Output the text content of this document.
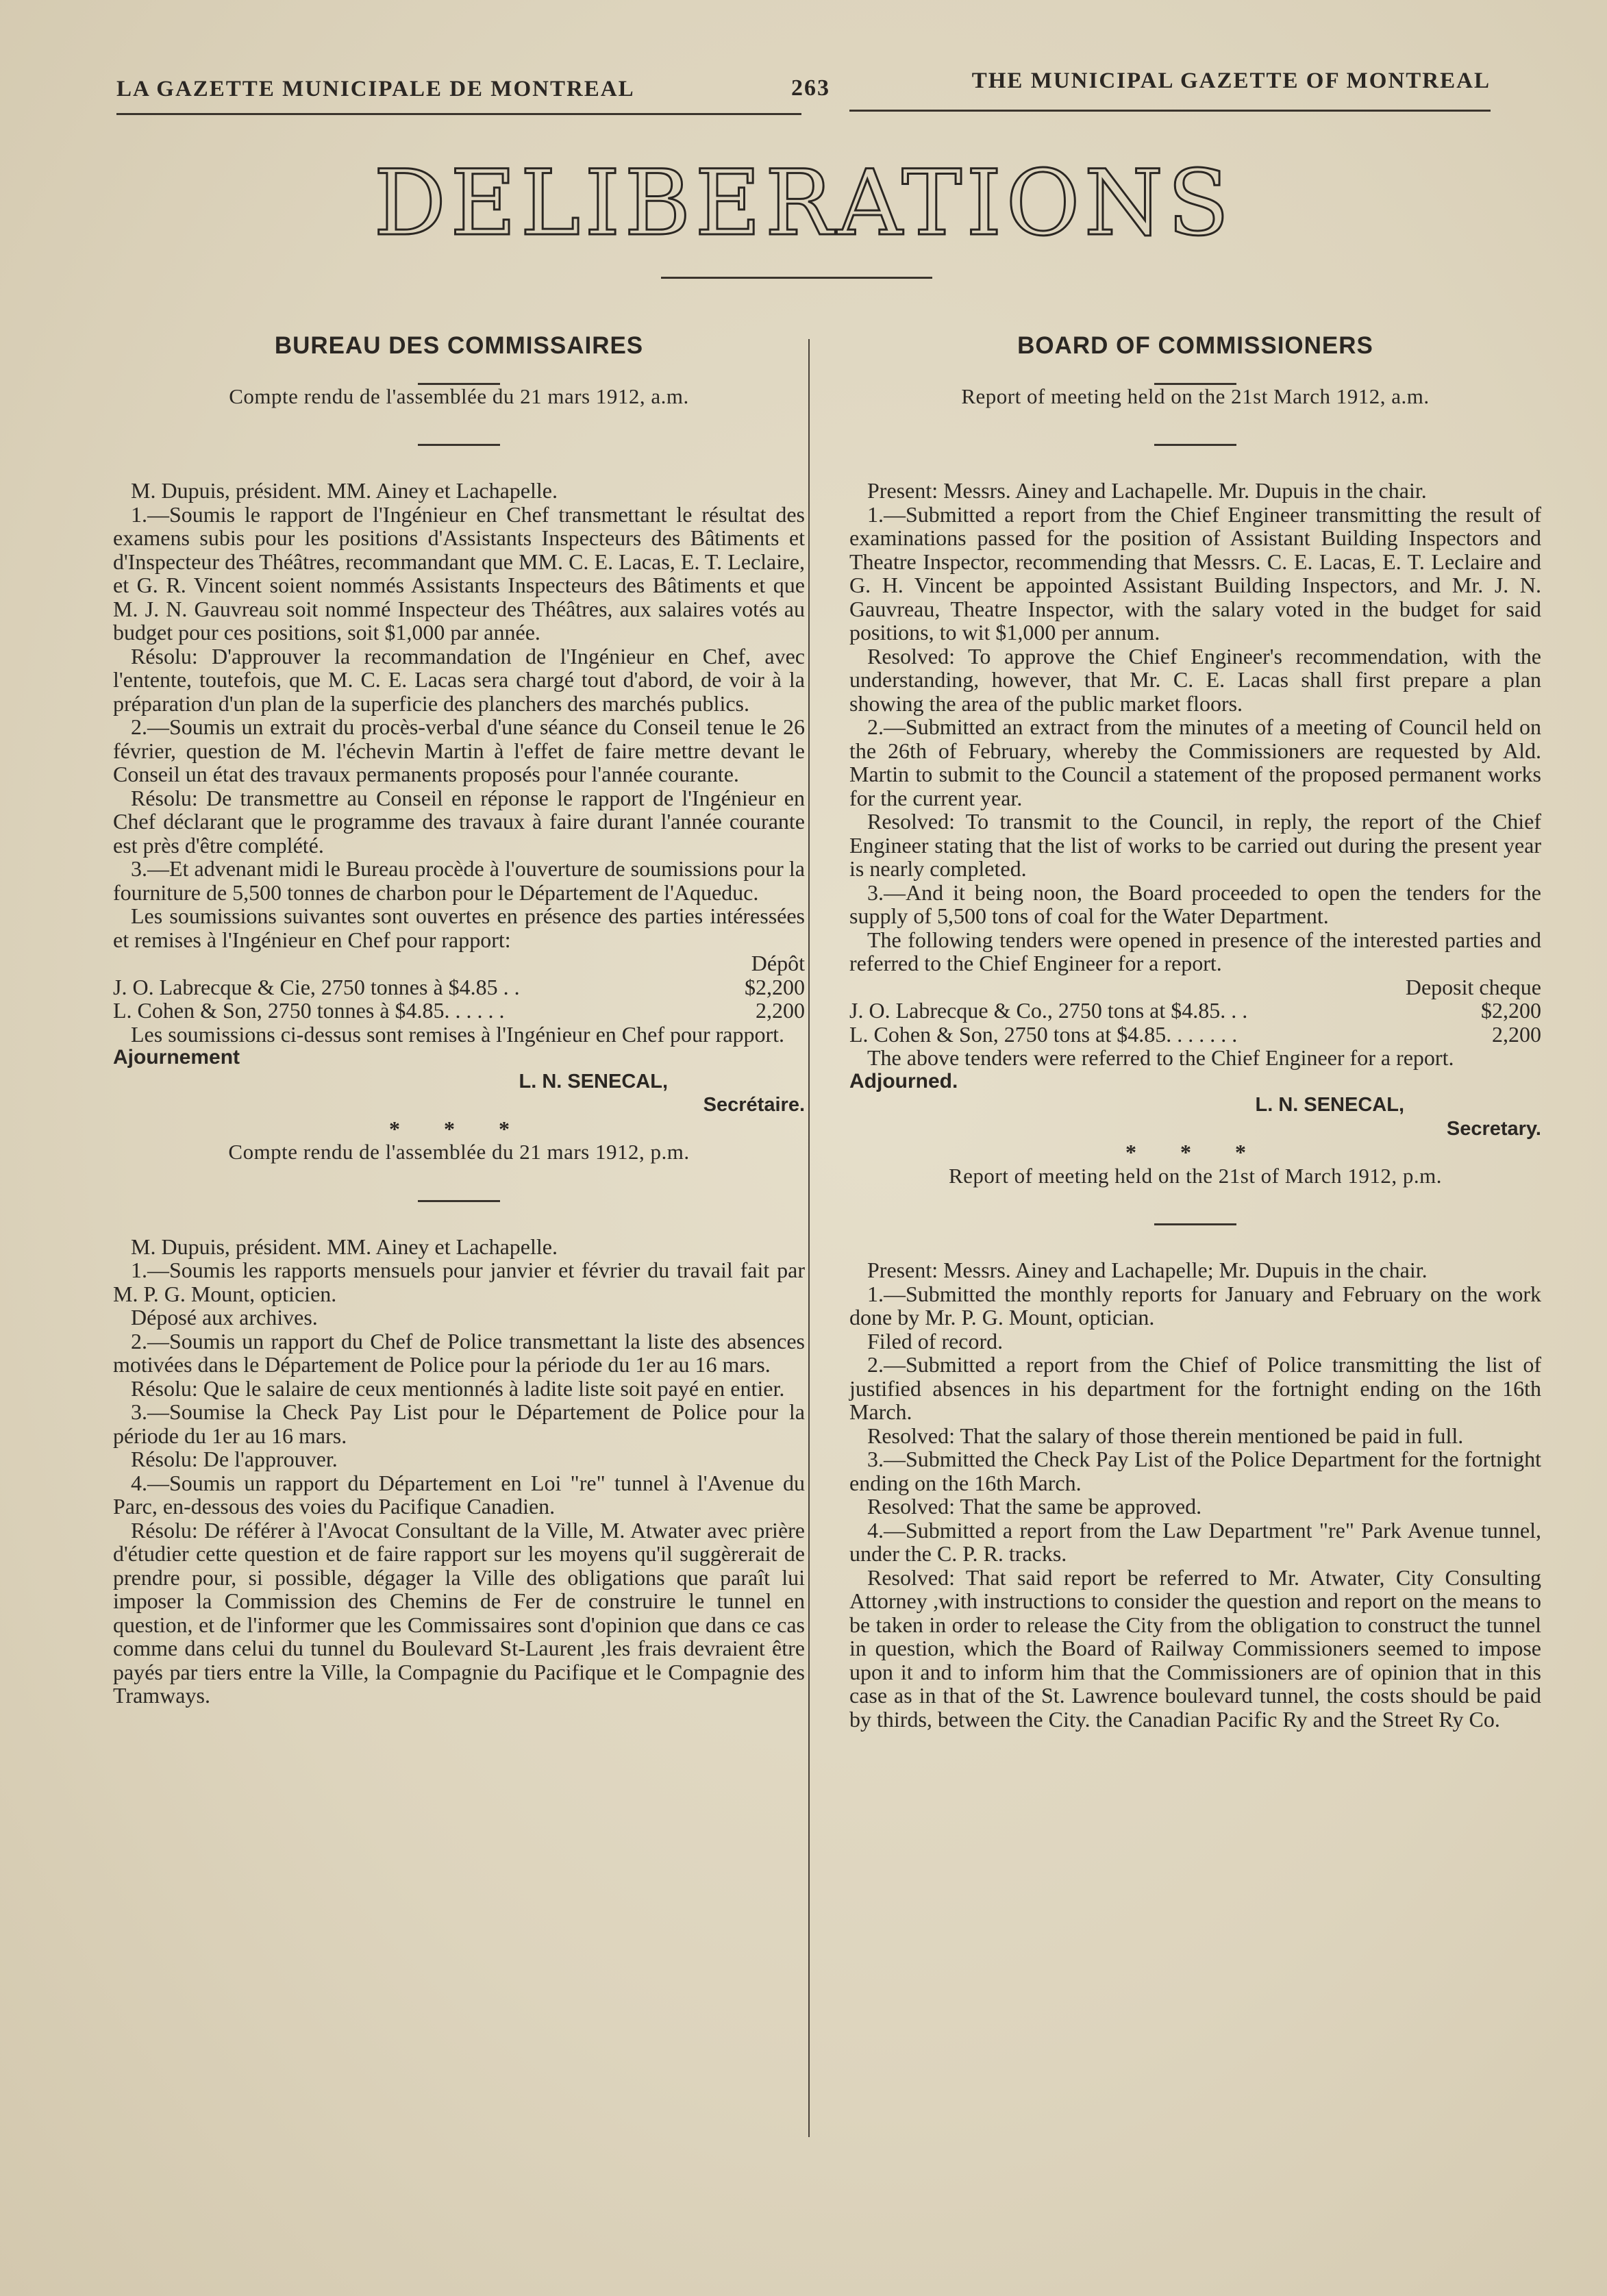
LA GAZETTE MUNICIPALE DE MONTREAL	263	THE MUNICIPAL GAZETTE OF MONTREAL
DELIBERATIONS
BUREAU DES COMMISSAIRES

Compte rendu de l'assemblée du 21 mars 1912, a.m.

M. Dupuis, président. MM. Ainey et Lachapelle.

1.—Soumis le rapport de l'Ingénieur en Chef transmettant le résultat des examens subis pour les positions d'Assistants Inspecteurs des Bâtiments et d'Inspecteur des Théâtres, recommandant que MM. C. E. Lacas, E. T. Leclaire, et G. R. Vincent soient nommés Assistants Inspecteurs des Bâtiments et que M. J. N. Gauvreau soit nommé Inspecteur des Théâtres, aux salaires votés au budget pour ces positions, soit $1,000 par année.

Résolu: D'approuver la recommandation de l'Ingénieur en Chef, avec l'entente, toutefois, que M. C. E. Lacas sera chargé tout d'abord, de voir à la préparation d'un plan de la superficie des planchers des marchés publics.

2.—Soumis un extrait du procès-verbal d'une séance du Conseil tenue le 26 février, question de M. l'échevin Martin à l'effet de faire mettre devant le Conseil un état des travaux permanents proposés pour l'année courante.

Résolu: De transmettre au Conseil en réponse le rapport de l'Ingénieur en Chef déclarant que le programme des travaux à faire durant l'année courante est près d'être complété.

3.—Et advenant midi le Bureau procède à l'ouverture de soumissions pour la fourniture de 5,500 tonnes de charbon pour le Département de l'Aqueduc.

Les soumissions suivantes sont ouvertes en présence des parties intéressées et remises à l'Ingénieur en Chef pour rapport:

Dépôt

J. O. Labrecque & Cie, 2750 tonnes à $4.85 . .	$2,200
L. Cohen & Son, 2750 tonnes à $4.85. . . . . .	2,200

Les soumissions ci-dessus sont remises à l'Ingénieur en Chef pour rapport.

Ajournement

L. N. SENECAL,

Secrétaire.

* * *

Compte rendu de l'assemblée du 21 mars 1912, p.m.

M. Dupuis, président. MM. Ainey et Lachapelle.

1.—Soumis les rapports mensuels pour janvier et février du travail fait par M. P. G. Mount, opticien.

Déposé aux archives.

2.—Soumis un rapport du Chef de Police transmettant la liste des absences motivées dans le Département de Police pour la période du 1er au 16 mars.

Résolu: Que le salaire de ceux mentionnés à ladite liste soit payé en entier.

3.—Soumise la Check Pay List pour le Département de Police pour la période du 1er au 16 mars.

Résolu: De l'approuver.

4.—Soumis un rapport du Département en Loi "re" tunnel à l'Avenue du Parc, en-dessous des voies du Pacifique Canadien.

Résolu: De référer à l'Avocat Consultant de la Ville, M. Atwater avec prière d'étudier cette question et de faire rapport sur les moyens qu'il suggèrerait de prendre pour, si possible, dégager la Ville des obligations que paraît lui imposer la Commission des Chemins de Fer de construire le tunnel en question, et de l'informer que les Commissaires sont d'opinion que dans ce cas comme dans celui du tunnel du Boulevard St-Laurent ,les frais devraient être payés par tiers entre la Ville, la Compagnie du Pacifique et le Compagnie des Tramways.

BOARD OF COMMISSIONERS

Report of meeting held on the 21st March 1912, a.m.

Present: Messrs. Ainey and Lachapelle. Mr. Dupuis in the chair.

1.—Submitted a report from the Chief Engineer transmitting the result of examinations passed for the position of Assistant Building Inspectors and Theatre Inspector, recommending that Messrs. C. E. Lacas, E. T. Leclaire and G. H. Vincent be appointed Assistant Building Inspectors, and Mr. J. N. Gauvreau, Theatre Inspector, with the salary voted in the budget for said positions, to wit $1,000 per annum.

Resolved: To approve the Chief Engineer's recommendation, with the understanding, however, that Mr. C. E. Lacas shall first prepare a plan showing the area of the public market floors.

2.—Submitted an extract from the minutes of a meeting of Council held on the 26th of February, whereby the Commissioners are requested by Ald. Martin to submit to the Council a statement of the proposed permanent works for the current year.

Resolved: To transmit to the Council, in reply, the report of the Chief Engineer stating that the list of works to be carried out during the present year is nearly completed.

3.—And it being noon, the Board proceeded to open the tenders for the supply of 5,500 tons of coal for the Water Department.

The following tenders were opened in presence of the interested parties and referred to the Chief Engineer for a report.

Deposit cheque

J. O. Labrecque & Co., 2750 tons at $4.85. . .	$2,200
L. Cohen & Son, 2750 tons at $4.85. . . . . . .	2,200

The above tenders were referred to the Chief Engineer for a report.

Adjourned.

L. N. SENECAL,

Secretary.

* * *

Report of meeting held on the 21st of March 1912, p.m.

Present: Messrs. Ainey and Lachapelle; Mr. Dupuis in the chair.

1.—Submitted the monthly reports for January and February on the work done by Mr. P. G. Mount, optician.

Filed of record.

2.—Submitted a report from the Chief of Police transmitting the list of justified absences in his department for the fortnight ending on the 16th March.

Resolved: That the salary of those therein mentioned be paid in full.

3.—Submitted the Check Pay List of the Police Department for the fortnight ending on the 16th March.

Resolved: That the same be approved.

4.—Submitted a report from the Law Department "re" Park Avenue tunnel, under the C. P. R. tracks.

Resolved: That said report be referred to Mr. Atwater, City Consulting Attorney ,with instructions to consider the question and report on the means to be taken in order to release the City from the obligation to construct the tunnel in question, which the Board of Railway Commissioners seemed to impose upon it and to inform him that the Commissioners are of opinion that in this case as in that of the St. Lawrence boulevard tunnel, the costs should be paid by thirds, between the City. the Canadian Pacific Ry and the Street Ry Co.
